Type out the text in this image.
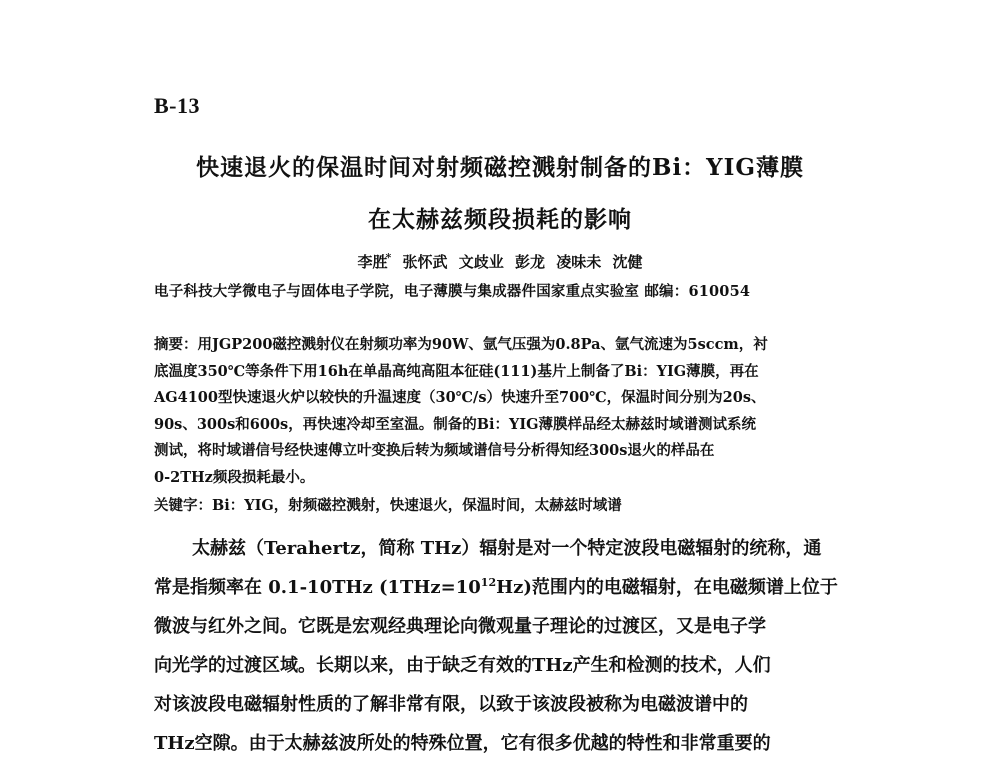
B-13
快速退火的保温时间对射频磁控溅射制备的Bi：YIG薄膜
在太赫兹频段损耗的影响
李胜* 张怀武 文歧业 彭龙 凌味未 沈健
电子科技大学微电子与固体电子学院，电子薄膜与集成器件国家重点实验室 邮编：610054
摘要：用JGP200磁控溅射仪在射频功率为90W、氩气压强为0.8Pa、氩气流速为5sccm，衬
底温度350℃等条件下用16h在单晶高纯高阻本征硅(111)基片上制备了Bi：YIG薄膜，再在
AG4100型快速退火炉以较快的升温速度（30℃/s）快速升至700℃，保温时间分别为20s、
90s、300s和600s，再快速冷却至室温。制备的Bi：YIG薄膜样品经太赫兹时域谱测试系统
测试，将时域谱信号经快速傅立叶变换后转为频域谱信号分析得知经300s退火的样品在
0-2THz频段损耗最小。
关键字：Bi：YIG，射频磁控溅射，快速退火，保温时间，太赫兹时域谱
太赫兹（Terahertz，简称 THz）辐射是对一个特定波段电磁辐射的统称，通
常是指频率在 0.1-10THz $(1THz=10^{12}Hz)$范围内的电磁辐射，在电磁频谱上位于
微波与红外之间。它既是宏观经典理论向微观量子理论的过渡区，又是电子学
向光学的过渡区域。长期以来，由于缺乏有效的THz产生和检测的技术，人们
对该波段电磁辐射性质的了解非常有限，以致于该波段被称为电磁波谱中的
THz空隙。由于太赫兹波所处的特殊位置，它有很多优越的特性和非常重要的
